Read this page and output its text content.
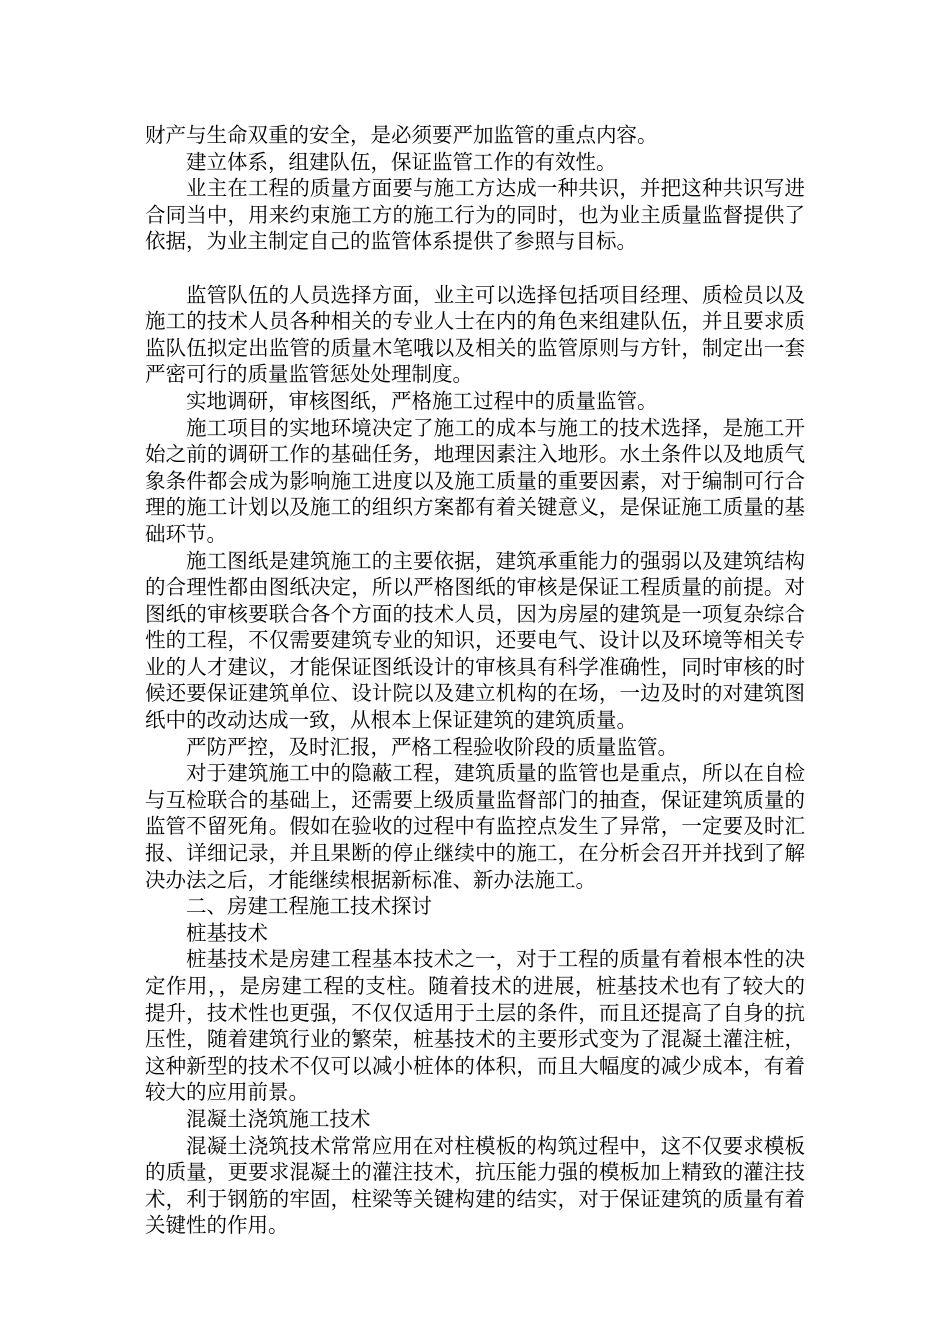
财产与生命双重的安全，是必须要严加监管的重点内容。

建立体系，组建队伍，保证监管工作的有效性。

业主在工程的质量方面要与施工方达成一种共识，并把这种共识写进合同当中，用来约束施工方的施工行为的同时，也为业主质量监督提供了依据，为业主制定自己的监管体系提供了参照与目标。

监管队伍的人员选择方面，业主可以选择包括项目经理、质检员以及施工的技术人员各种相关的专业人士在内的角色来组建队伍，并且要求质监队伍拟定出监管的质量木笔哦以及相关的监管原则与方针，制定出一套严密可行的质量监管惩处处理制度。

实地调研，审核图纸，严格施工过程中的质量监管。

施工项目的实地环境决定了施工的成本与施工的技术选择，是施工开始之前的调研工作的基础任务，地理因素注入地形。水土条件以及地质气象条件都会成为影响施工进度以及施工质量的重要因素，对于编制可行合理的施工计划以及施工的组织方案都有着关键意义，是保证施工质量的基础环节。

施工图纸是建筑施工的主要依据，建筑承重能力的强弱以及建筑结构的合理性都由图纸决定，所以严格图纸的审核是保证工程质量的前提。对图纸的审核要联合各个方面的技术人员，因为房屋的建筑是一项复杂综合性的工程，不仅需要建筑专业的知识，还要电气、设计以及环境等相关专业的人才建议，才能保证图纸设计的审核具有科学准确性，同时审核的时候还要保证建筑单位、设计院以及建立机构的在场，一边及时的对建筑图纸中的改动达成一致，从根本上保证建筑的建筑质量。

严防严控，及时汇报，严格工程验收阶段的质量监管。

对于建筑施工中的隐蔽工程，建筑质量的监管也是重点，所以在自检与互检联合的基础上，还需要上级质量监督部门的抽查，保证建筑质量的监管不留死角。假如在验收的过程中有监控点发生了异常，一定要及时汇报、详细记录，并且果断的停止继续中的施工，在分析会召开并找到了解决办法之后，才能继续根据新标准、新办法施工。

二、房建工程施工技术探讨

桩基技术

桩基技术是房建工程基本技术之一，对于工程的质量有着根本性的决定作用，，是房建工程的支柱。随着技术的进展，桩基技术也有了较大的提升，技术性也更强，不仅仅适用于土层的条件，而且还提高了自身的抗压性，随着建筑行业的繁荣，桩基技术的主要形式变为了混凝土灌注桩，这种新型的技术不仅可以减小桩体的体积，而且大幅度的减少成本，有着较大的应用前景。

混凝土浇筑施工技术

混凝土浇筑技术常常应用在对柱模板的构筑过程中，这不仅要求模板的质量，更要求混凝土的灌注技术，抗压能力强的模板加上精致的灌注技术，利于钢筋的牢固，柱梁等关键构建的结实，对于保证建筑的质量有着关键性的作用。
